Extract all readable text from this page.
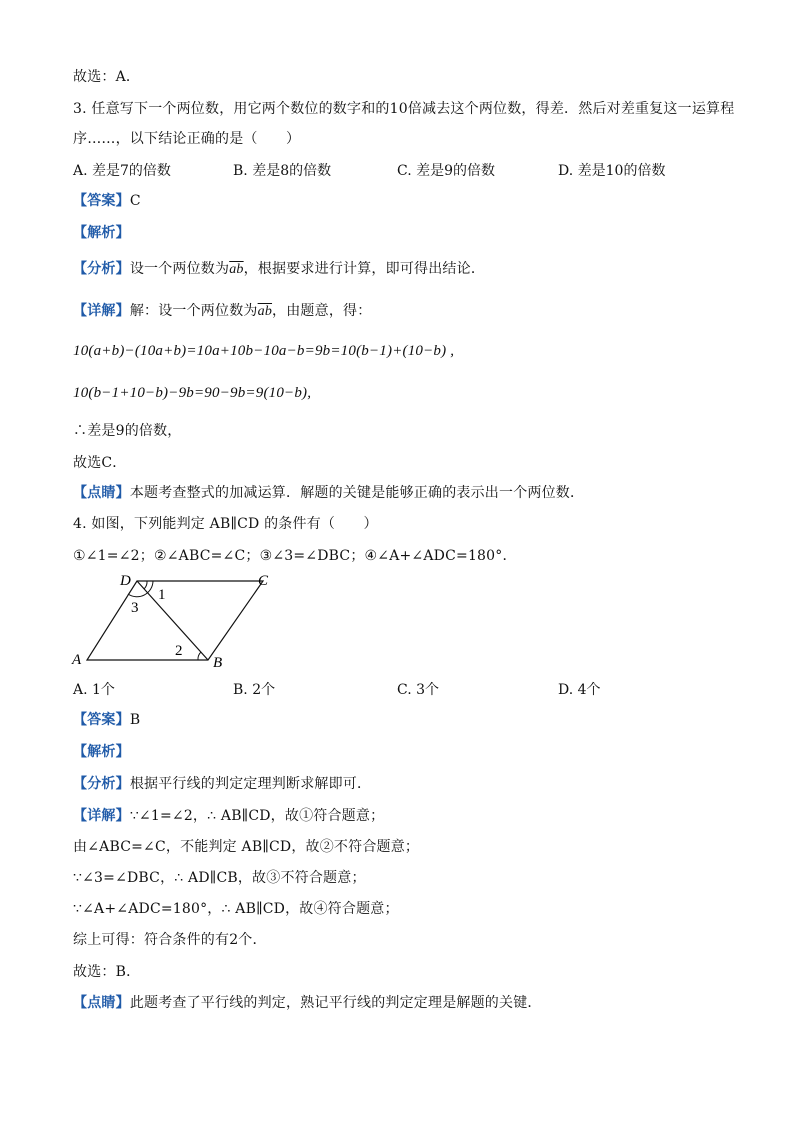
故选：A．
3. 任意写下一个两位数，用它两个数位的数字和的10倍减去这个两位数，得差．然后对差重复这一运算程
序……，以下结论正确的是（　　）
A. 差是7的倍数	B. 差是8的倍数	C. 差是9的倍数	D. 差是10的倍数
【答案】C
【解析】
【分析】设一个两位数为$\overline{ab}$，根据要求进行计算，即可得出结论．
【详解】解：设一个两位数为$\overline{ab}$，由题意，得：
10(a+b)−(10a+b)=10a+10b−10a−b=9b=10(b−1)+(10−b) ,
10(b−1+10−b)−9b=90−9b=9(10−b),
∴差是9的倍数，
故选C．
【点睛】本题考查整式的加减运算．解题的关键是能够正确的表示出一个两位数．
4. 如图，下列能判定 AB∥CD 的条件有（　　）
①∠1=∠2；②∠ABC=∠C；③∠3=∠DBC；④∠A+∠ADC=180°．
A	B
C
D
1
2
3
A. 1个	B. 2个	C. 3个	D. 4个
【答案】B
【解析】
【分析】根据平行线的判定定理判断求解即可．
【详解】∵∠1=∠2，∴ AB∥CD，故①符合题意；
由∠ABC=∠C，不能判定 AB∥CD，故②不符合题意；
∵∠3=∠DBC，∴ AD∥CB，故③不符合题意；
∵∠A+∠ADC=180°，∴ AB∥CD，故④符合题意；
综上可得：符合条件的有2个．
故选：B．
【点睛】此题考查了平行线的判定，熟记平行线的判定定理是解题的关键．
